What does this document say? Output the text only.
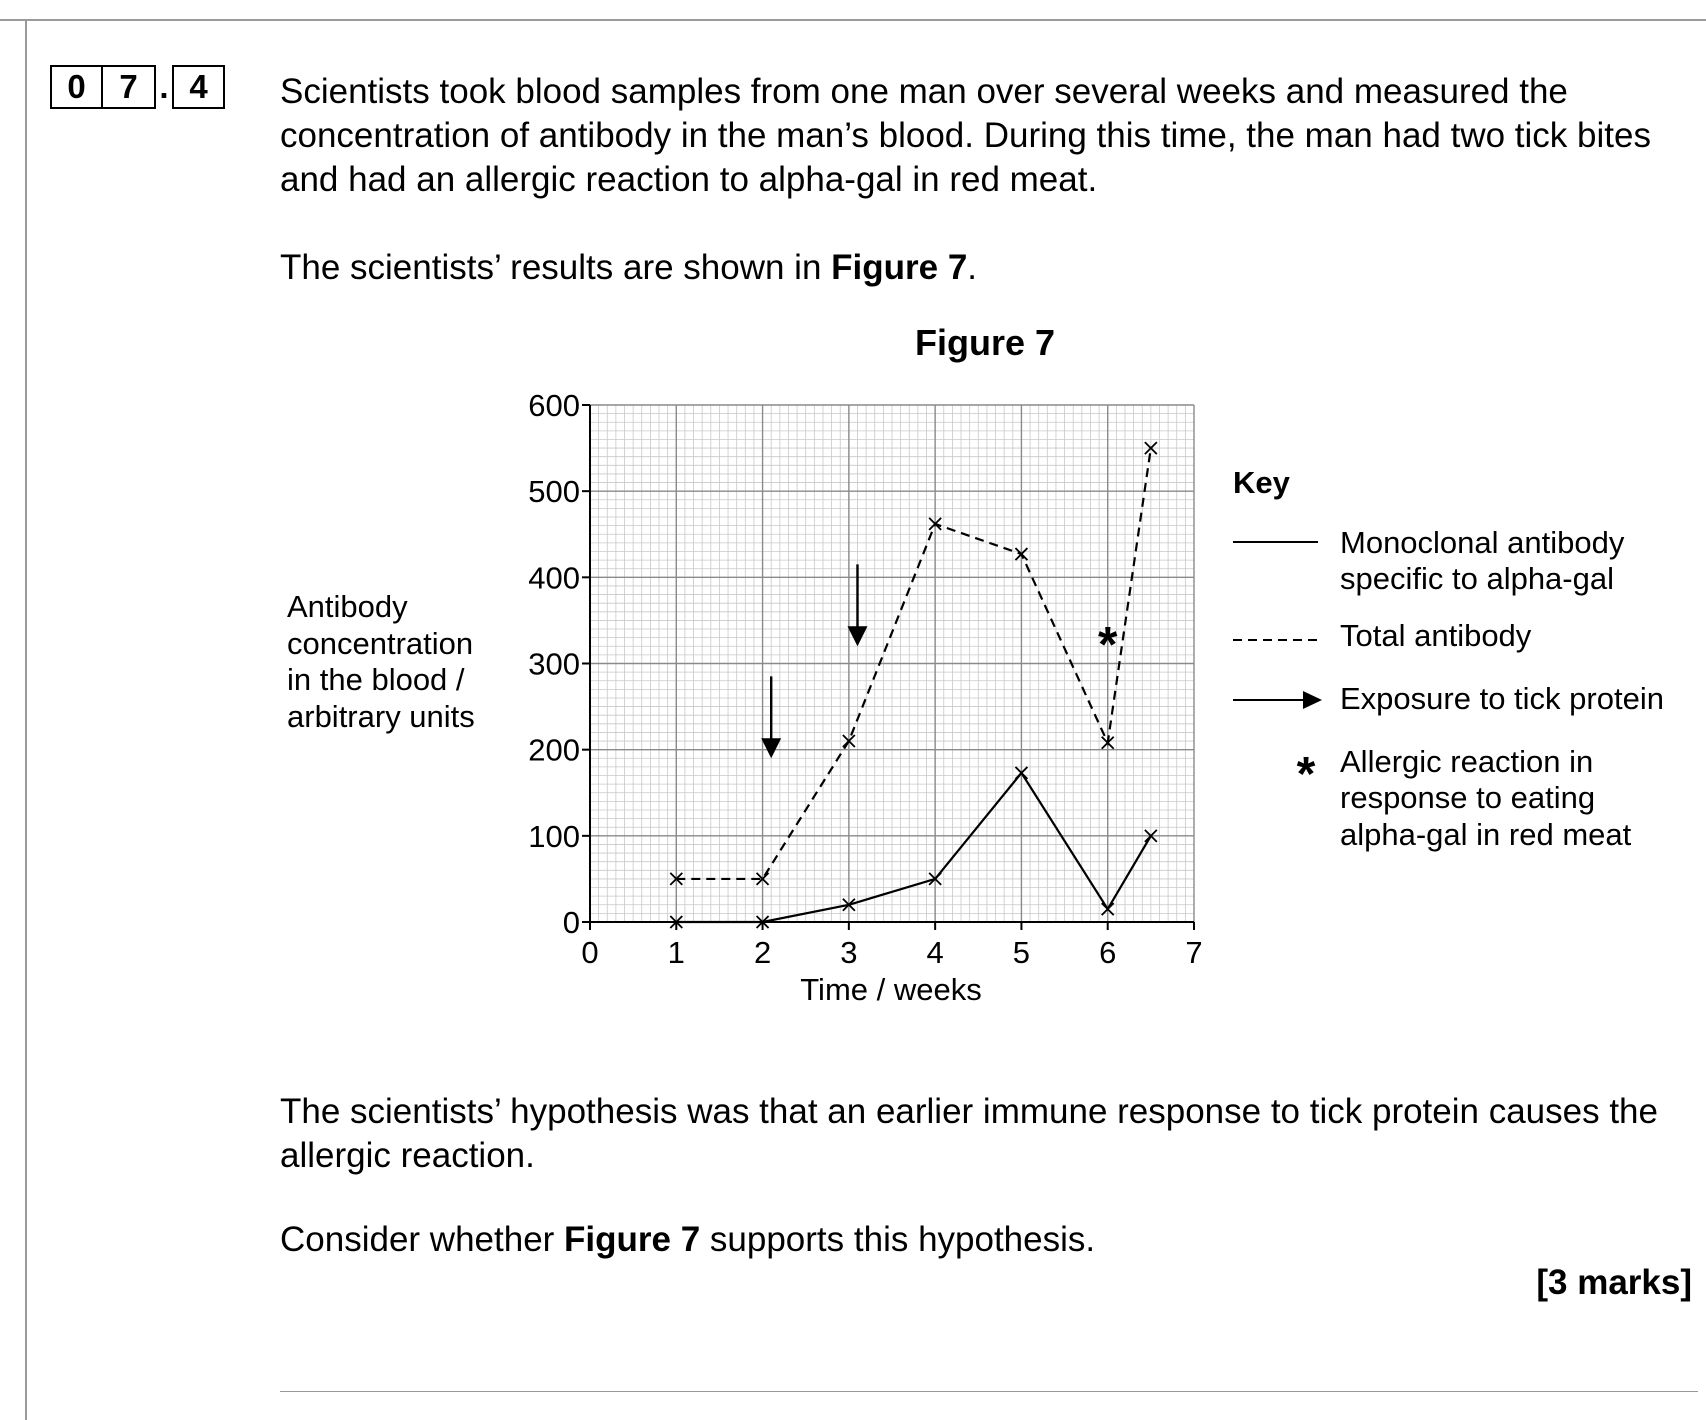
0	7 . 4	Scientists took blood samples from one man over several weeks and measured the concentration of antibody in the man’s blood. During this time, the man had two tick bites and had an allergic reaction to alpha-gal in red meat.

The scientists’ results are shown in Figure 7.

Figure 7
0
100
200
300
400
500
600
0 1 2 3 4 5 6 7
*
Time / weeks
Antibody
concentration
in the blood /
arbitrary units
Key
Monoclonal antibody
specific to alpha-gal
Total antibody
Exposure to tick protein
* Allergic reaction in
response to eating
alpha-gal in red meat

The scientists’ hypothesis was that an earlier immune response to tick protein causes the allergic reaction.

Consider whether Figure 7 supports this hypothesis.

[3 marks]
